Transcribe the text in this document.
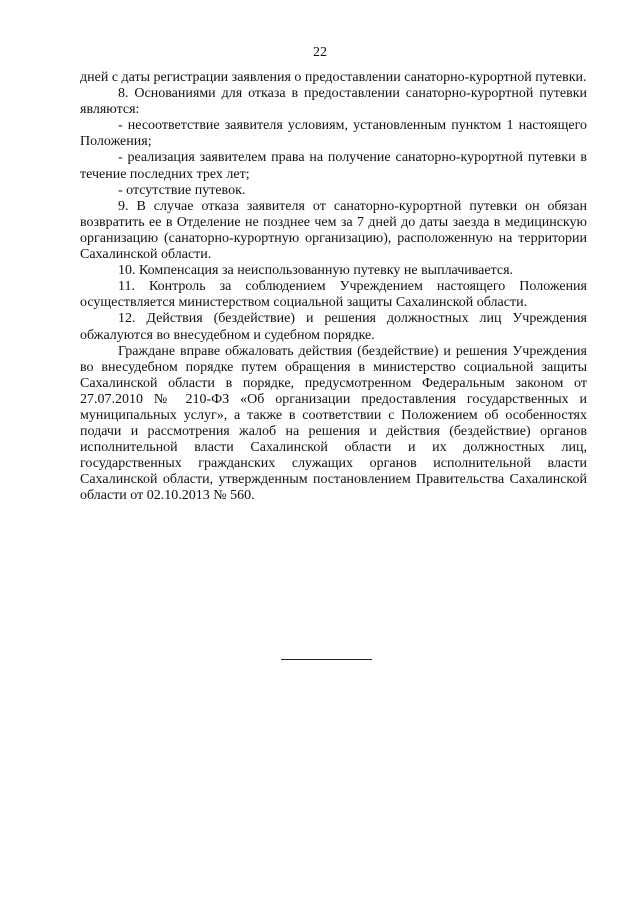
22

дней с даты регистрации заявления о предоставлении санаторно-курортной путевки.

8. Основаниями для отказа в предоставлении санаторно-курортной путевки являются:

- несоответствие заявителя условиям, установленным пунктом 1 настоящего Положения;

- реализация заявителем права на получение санаторно-курортной путевки в течение последних трех лет;

- отсутствие путевок.

9. В случае отказа заявителя от санаторно-курортной путевки он обязан возвратить ее в Отделение не позднее чем за 7 дней до даты заезда в медицинскую организацию (санаторно-курортную организацию), расположенную на территории Сахалинской области.

10. Компенсация за неиспользованную путевку не выплачивается.

11. Контроль за соблюдением Учреждением настоящего Положения осуществляется министерством социальной защиты Сахалинской области.

12. Действия (бездействие) и решения должностных лиц Учреждения обжалуются во внесудебном и судебном порядке.

Граждане вправе обжаловать действия (бездействие) и решения Учреждения во внесудебном порядке путем обращения в министерство социальной защиты Сахалинской области в порядке, предусмотренном Федеральным законом от 27.07.2010 № 210-ФЗ «Об организации предоставления государственных и муниципальных услуг», а также в соответствии с Положением об особенностях подачи и рассмотрения жалоб на решения и действия (бездействие) органов исполнительной власти Сахалинской области и их должностных лиц, государственных гражданских служащих органов исполнительной власти Сахалинской области, утвержденным постановлением Правительства Сахалинской области от 02.10.2013 № 560.
